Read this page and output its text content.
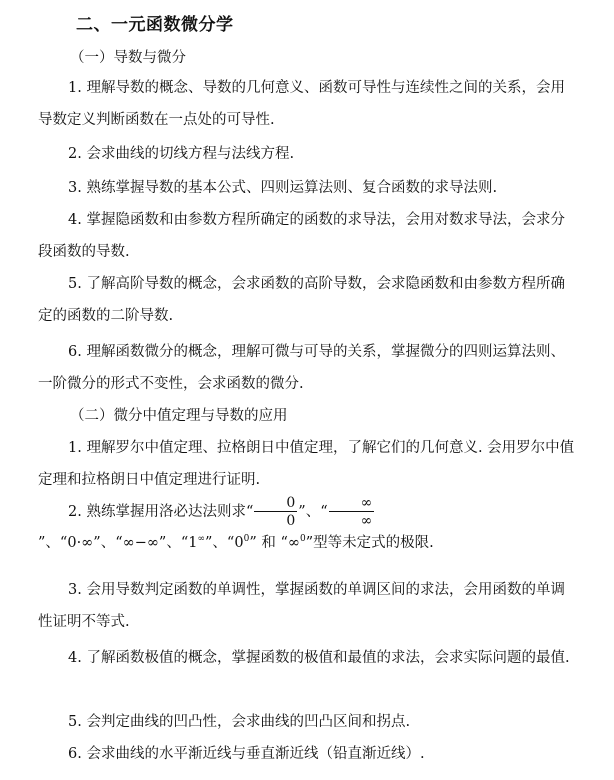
二、一元函数微分学
（一）导数与微分

1. 理解导数的概念、导数的几何意义、函数可导性与连续性之间的关系，会用导数定义判断函数在一点处的可导性.

2. 会求曲线的切线方程与法线方程.

3. 熟练掌握导数的基本公式、四则运算法则、复合函数的求导法则.

4. 掌握隐函数和由参数方程所确定的函数的求导法，会用对数求导法，会求分段函数的导数.

5. 了解高阶导数的概念，会求函数的高阶导数，会求隐函数和由参数方程所确定的函数的二阶导数.

6. 理解函数微分的概念，理解可微与可导的关系，掌握微分的四则运算法则、一阶微分的形式不变性，会求函数的微分.

（二）微分中值定理与导数的应用

1. 理解罗尔中值定理、拉格朗日中值定理，了解它们的几何意义. 会用罗尔中值定理和拉格朗日中值定理进行证明.

2. 熟练掌握用洛必达法则求“ $\frac{0}{0}$ ”、“ $\frac{\infty}{\infty}$
”、“0·∞”、“∞−∞”、“1∞”、“$0^0$” 和 “∞$^0$”型等未定式的极限.

3. 会用导数判定函数的单调性，掌握函数的单调区间的求法，会用函数的单调性证明不等式.

4. 了解函数极值的概念，掌握函数的极值和最值的求法，会求实际问题的最值.

5. 会判定曲线的凹凸性，会求曲线的凹凸区间和拐点.

6. 会求曲线的水平渐近线与垂直渐近线（铅直渐近线）.
